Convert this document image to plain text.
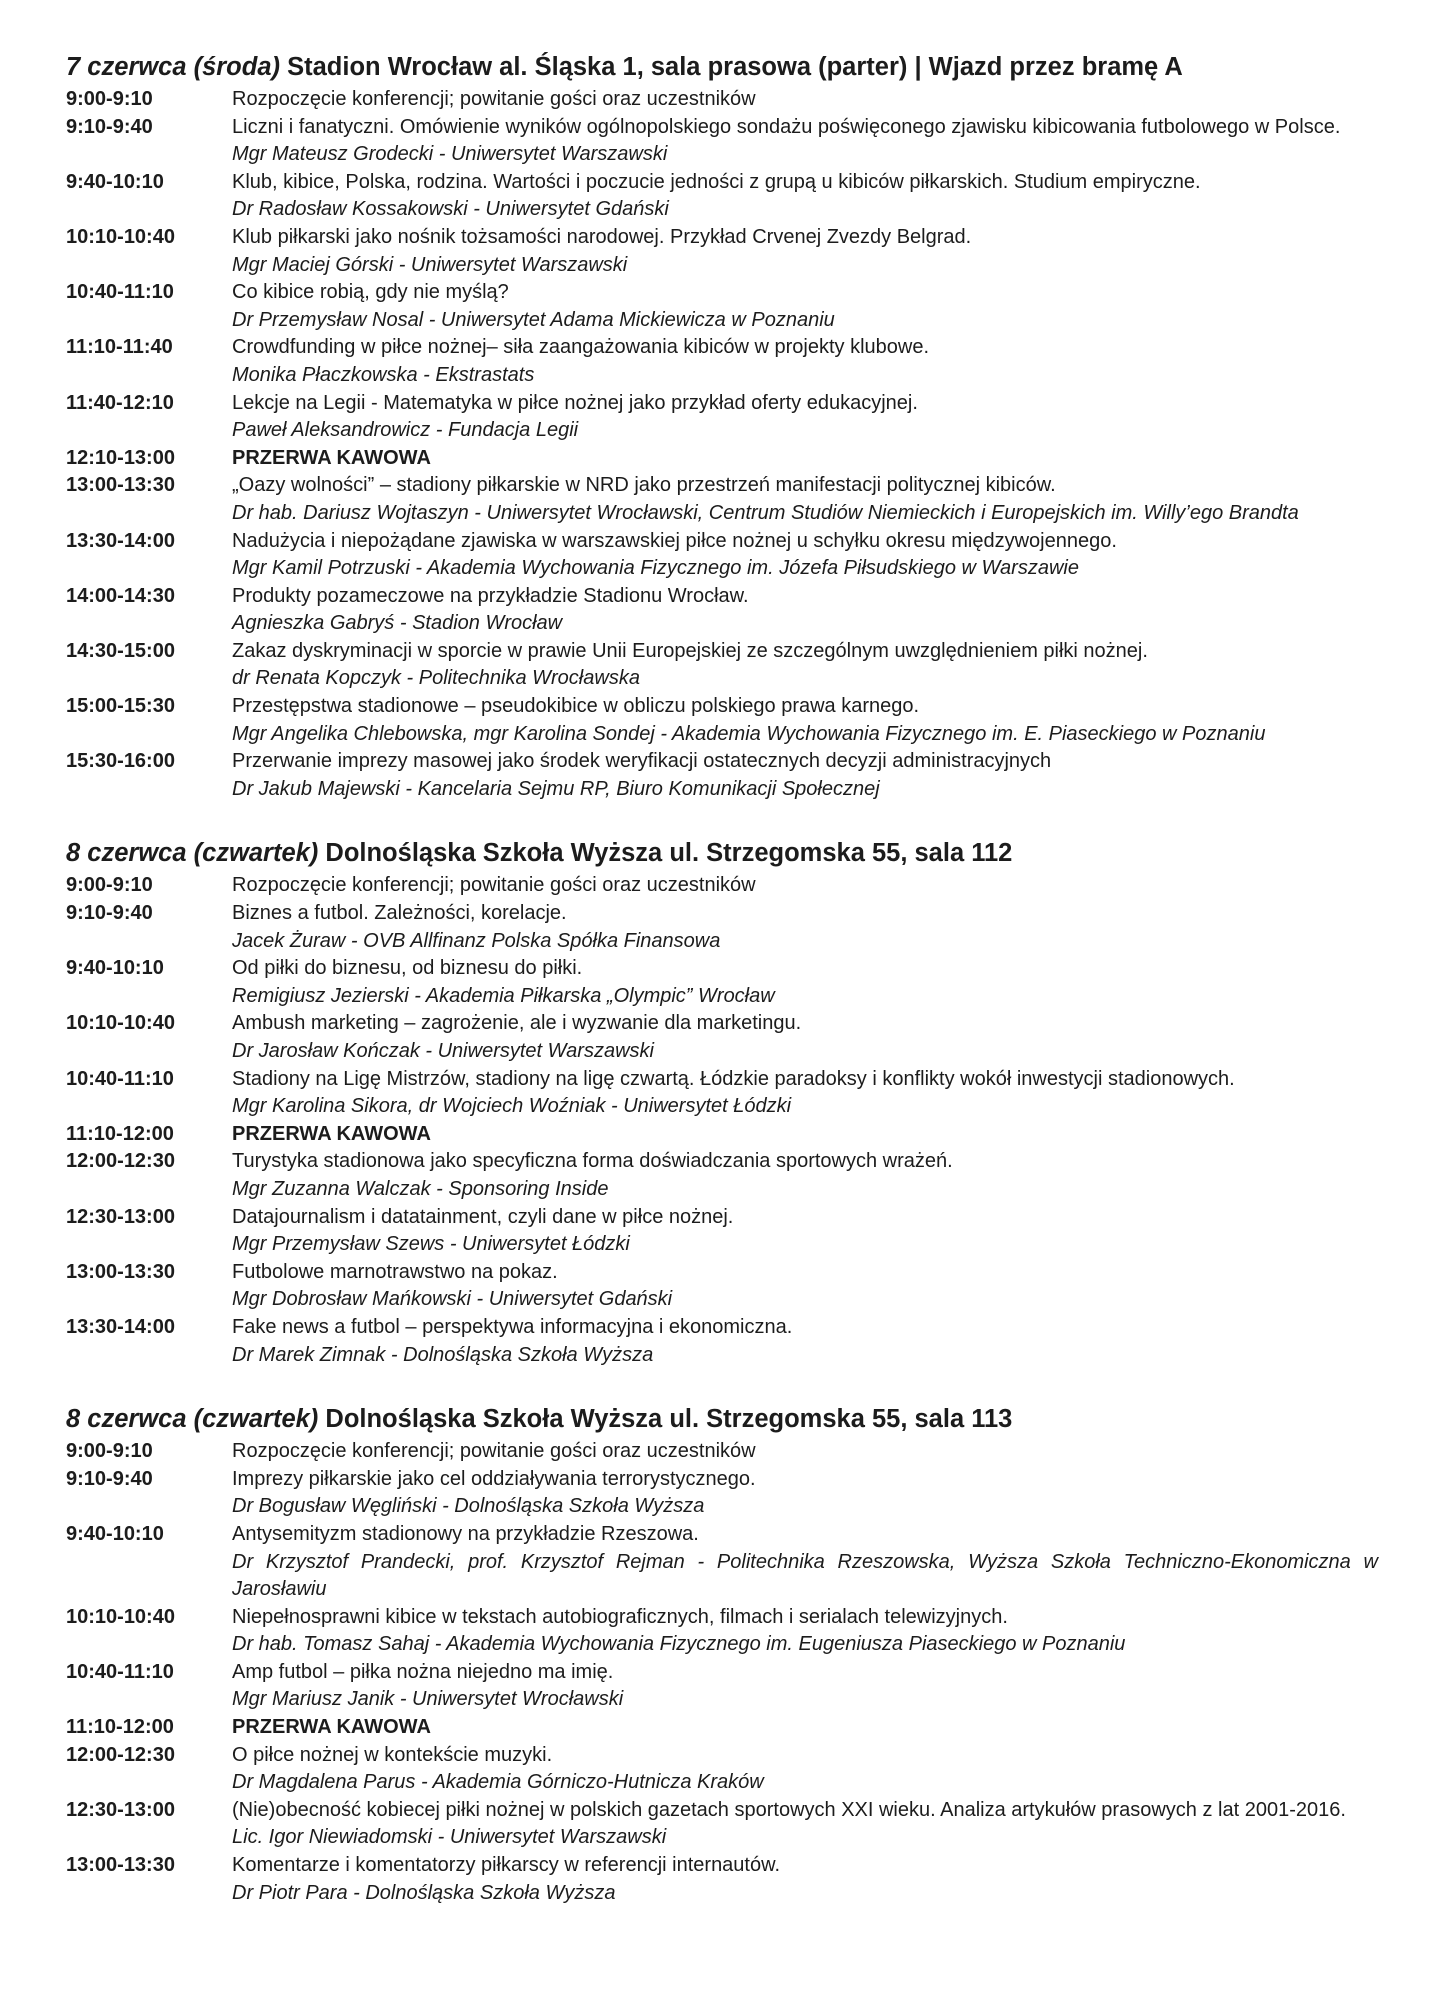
7 czerwca (środa) Stadion Wrocław al. Śląska 1, sala prasowa (parter) | Wjazd przez bramę A
9:00-9:10	Rozpoczęcie konferencji; powitanie gości oraz uczestników
9:10-9:40	Liczni i fanatyczni. Omówienie wyników ogólnopolskiego sondażu poświęconego zjawisku kibicowania futbolowego w Polsce.
Mgr Mateusz Grodecki - Uniwersytet Warszawski
9:40-10:10	Klub, kibice, Polska, rodzina. Wartości i poczucie jedności z grupą u kibiców piłkarskich. Studium empiryczne.
Dr Radosław Kossakowski - Uniwersytet Gdański
10:10-10:40	Klub piłkarski jako nośnik tożsamości narodowej. Przykład Crvenej Zvezdy Belgrad.
Mgr Maciej Górski - Uniwersytet Warszawski
10:40-11:10	Co kibice robią, gdy nie myślą?
Dr Przemysław Nosal - Uniwersytet Adama Mickiewicza w Poznaniu
11:10-11:40	Crowdfunding w piłce nożnej– siła zaangażowania kibiców w projekty klubowe.
Monika Płaczkowska - Ekstrastats
11:40-12:10	Lekcje na Legii - Matematyka w piłce nożnej jako przykład oferty edukacyjnej.
Paweł Aleksandrowicz - Fundacja Legii
12:10-13:00	PRZERWA KAWOWA
13:00-13:30	„Oazy wolności” – stadiony piłkarskie w NRD jako przestrzeń manifestacji politycznej kibiców.
Dr hab. Dariusz Wojtaszyn - Uniwersytet Wrocławski, Centrum Studiów Niemieckich i Europejskich im. Willy’ego Brandta
13:30-14:00	Nadużycia i niepożądane zjawiska w warszawskiej piłce nożnej u schyłku okresu międzywojennego.
Mgr Kamil Potrzuski - Akademia Wychowania Fizycznego im. Józefa Piłsudskiego w Warszawie
14:00-14:30	Produkty pozameczowe na przykładzie Stadionu Wrocław.
Agnieszka Gabryś - Stadion Wrocław
14:30-15:00	Zakaz dyskryminacji w sporcie w prawie Unii Europejskiej ze szczególnym uwzględnieniem piłki nożnej.
dr Renata Kopczyk - Politechnika Wrocławska
15:00-15:30	Przestępstwa stadionowe – pseudokibice w obliczu polskiego prawa karnego.
Mgr Angelika Chlebowska, mgr Karolina Sondej - Akademia Wychowania Fizycznego im. E. Piaseckiego w Poznaniu
15:30-16:00	Przerwanie imprezy masowej jako środek weryfikacji ostatecznych decyzji administracyjnych
Dr Jakub Majewski - Kancelaria Sejmu RP, Biuro Komunikacji Społecznej
8 czerwca (czwartek) Dolnośląska Szkoła Wyższa ul. Strzegomska 55, sala 112
9:00-9:10	Rozpoczęcie konferencji; powitanie gości oraz uczestników
9:10-9:40	Biznes a futbol. Zależności, korelacje.
Jacek Żuraw - OVB Allfinanz Polska Spółka Finansowa
9:40-10:10	Od piłki do biznesu, od biznesu do piłki.
Remigiusz Jezierski - Akademia Piłkarska „Olympic” Wrocław
10:10-10:40	Ambush marketing – zagrożenie, ale i wyzwanie dla marketingu.
Dr Jarosław Kończak - Uniwersytet Warszawski
10:40-11:10	Stadiony na Ligę Mistrzów, stadiony na ligę czwartą. Łódzkie paradoksy i konflikty wokół inwestycji stadionowych.
Mgr Karolina Sikora, dr Wojciech Woźniak - Uniwersytet Łódzki
11:10-12:00	PRZERWA KAWOWA
12:00-12:30	Turystyka stadionowa jako specyficzna forma doświadczania sportowych wrażeń.
Mgr Zuzanna Walczak - Sponsoring Inside
12:30-13:00	Datajournalism i datatainment, czyli dane w piłce nożnej.
Mgr Przemysław Szews - Uniwersytet Łódzki
13:00-13:30	Futbolowe marnotrawstwo na pokaz.
Mgr Dobrosław Mańkowski - Uniwersytet Gdański
13:30-14:00	Fake news a futbol – perspektywa informacyjna i ekonomiczna.
Dr Marek Zimnak - Dolnośląska Szkoła Wyższa
8 czerwca (czwartek) Dolnośląska Szkoła Wyższa ul. Strzegomska 55, sala 113
9:00-9:10	Rozpoczęcie konferencji; powitanie gości oraz uczestników
9:10-9:40	Imprezy piłkarskie jako cel oddziaływania terrorystycznego.
Dr Bogusław Węgliński - Dolnośląska Szkoła Wyższa
9:40-10:10	Antysemityzm stadionowy na przykładzie Rzeszowa.
Dr Krzysztof Prandecki, prof. Krzysztof Rejman - Politechnika Rzeszowska, Wyższa Szkoła Techniczno-Ekonomiczna w Jarosławiu
10:10-10:40	Niepełnosprawni kibice w tekstach autobiograficznych, filmach i serialach telewizyjnych.
Dr hab. Tomasz Sahaj - Akademia Wychowania Fizycznego im. Eugeniusza Piaseckiego w Poznaniu
10:40-11:10	Amp futbol – piłka nożna niejedno ma imię.
Mgr Mariusz Janik - Uniwersytet Wrocławski
11:10-12:00	PRZERWA KAWOWA
12:00-12:30	O piłce nożnej w kontekście muzyki.
Dr Magdalena Parus - Akademia Górniczo-Hutnicza Kraków
12:30-13:00	(Nie)obecność kobiecej piłki nożnej w polskich gazetach sportowych XXI wieku. Analiza artykułów prasowych z lat 2001-2016.
Lic. Igor Niewiadomski - Uniwersytet Warszawski
13:00-13:30	Komentarze i komentatorzy piłkarscy w referencji internautów.
Dr Piotr Para - Dolnośląska Szkoła Wyższa
